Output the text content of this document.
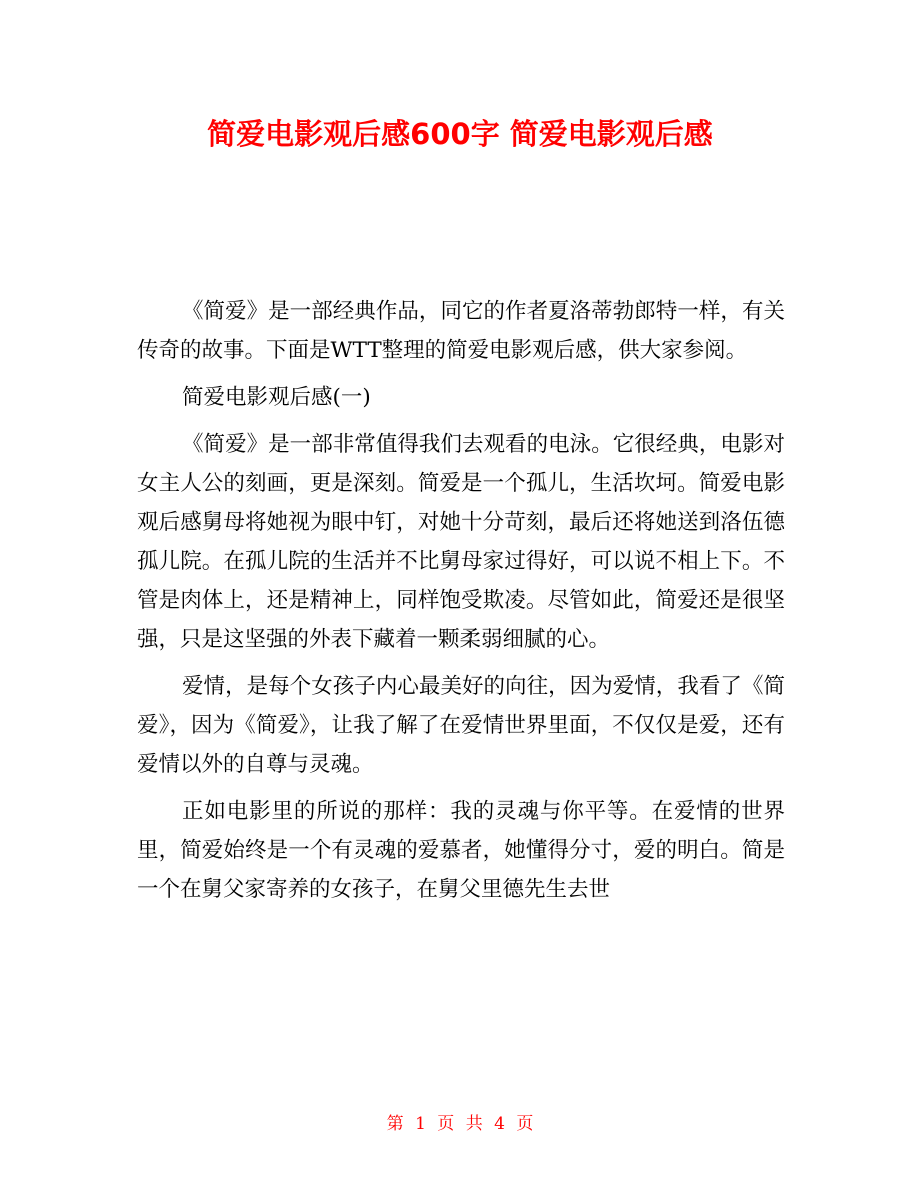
简爱电影观后感600字 简爱电影观后感

《简爱》是一部经典作品，同它的作者夏洛蒂勃郎特一样，有关传奇的故事。下面是WTT整理的简爱电影观后感，供大家参阅。

简爱电影观后感(一)

《简爱》是一部非常值得我们去观看的电泳。它很经典，电影对女主人公的刻画，更是深刻。简爱是一个孤儿，生活坎坷。简爱电影观后感舅母将她视为眼中钉，对她十分苛刻，最后还将她送到洛伍德孤儿院。在孤儿院的生活并不比舅母家过得好，可以说不相上下。不管是肉体上，还是精神上，同样饱受欺凌。尽管如此，简爱还是很坚强，只是这坚强的外表下藏着一颗柔弱细腻的心。

爱情，是每个女孩子内心最美好的向往，因为爱情，我看了《简爱》，因为《简爱》，让我了解了在爱情世界里面，不仅仅是爱，还有爱情以外的自尊与灵魂。

正如电影里的所说的那样：我的灵魂与你平等。在爱情的世界里，简爱始终是一个有灵魂的爱慕者，她懂得分寸，爱的明白。简是一个在舅父家寄养的女孩子，在舅父里德先生去世

第 1 页 共 4 页
